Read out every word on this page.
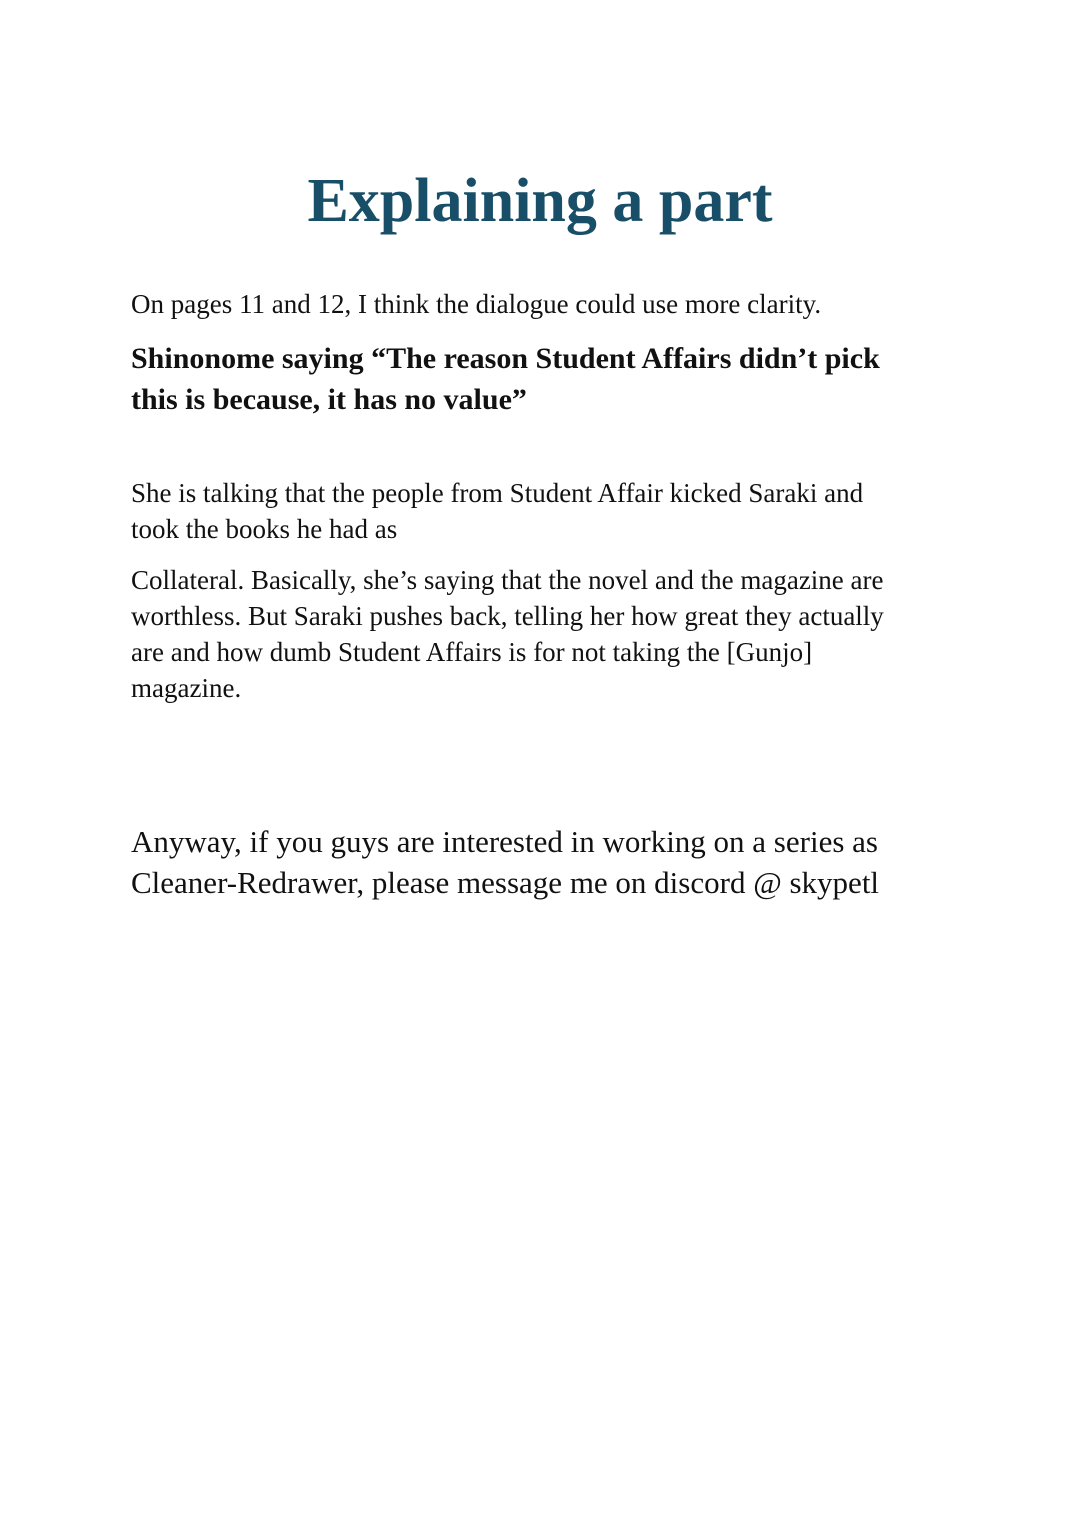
Explaining a part

On pages 11 and 12, I think the dialogue could use more clarity.

Shinonome saying “The reason Student Affairs didn’t pick
this is because, it has no value”

She is talking that the people from Student Affair kicked Saraki and
took the books he had as

Collateral. Basically, she’s saying that the novel and the magazine are
worthless. But Saraki pushes back, telling her how great they actually
are and how dumb Student Affairs is for not taking the [Gunjo]
magazine.

Anyway, if you guys are interested in working on a series as
Cleaner-Redrawer, please message me on discord @ skypetl
